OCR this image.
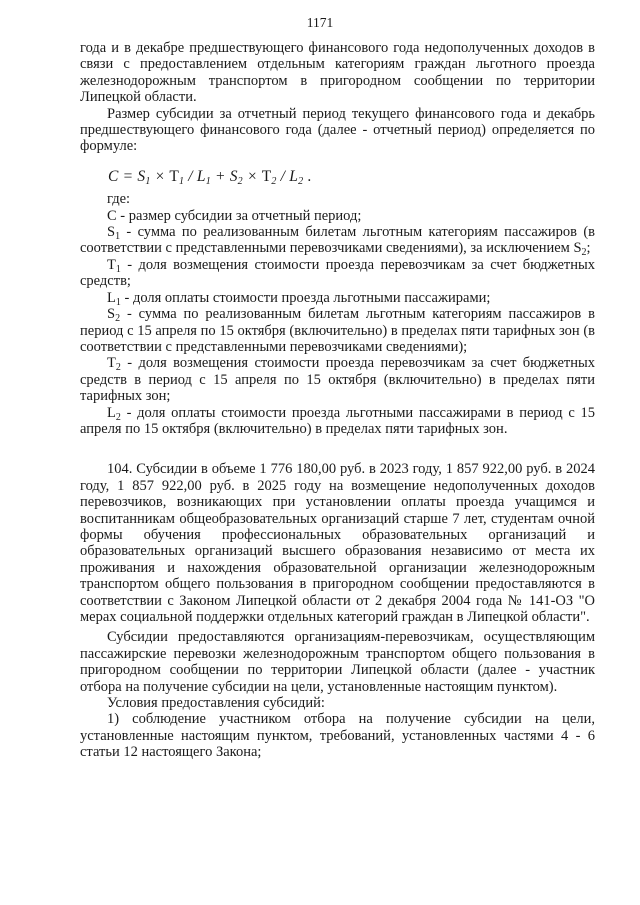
1171

года и в декабре предшествующего финансового года недополученных доходов в связи с предоставлением отдельным категориям граждан льготного проезда железнодорожным транспортом в пригородном сообщении по территории Липецкой области.

Размер субсидии за отчетный период текущего финансового года и декабрь предшествующего финансового года (далее - отчетный период) определяется по формуле:

$C = S_1 \times T_1 / L_1 + S_2 \times T_2 / L_2$ .

где:

С - размер субсидии за отчетный период;

$S_1$ - сумма по реализованным билетам льготным категориям пассажиров (в соответствии с представленными перевозчиками сведениями), за исключением $S_2$;

$Т_1$ - доля возмещения стоимости проезда перевозчикам за счет бюджетных средств;

$L_1$ - доля оплаты стоимости проезда льготными пассажирами;

$S_2$ - сумма по реализованным билетам льготным категориям пассажиров в период с 15 апреля по 15 октября (включительно) в пределах пяти тарифных зон (в соответствии с представленными перевозчиками сведениями);

$Т_2$ - доля возмещения стоимости проезда перевозчикам за счет бюджетных средств в период с 15 апреля по 15 октября (включительно) в пределах пяти тарифных зон;

$L_2$ - доля оплаты стоимости проезда льготными пассажирами в период с 15 апреля по 15 октября (включительно) в пределах пяти тарифных зон.

104. Субсидии в объеме 1 776 180,00 руб. в 2023 году, 1 857 922,00 руб. в 2024 году, 1 857 922,00 руб. в 2025 году на возмещение недополученных доходов перевозчиков, возникающих при установлении оплаты проезда учащимся и воспитанникам общеобразовательных организаций старше 7 лет, студентам очной формы обучения профессиональных образовательных организаций и образовательных организаций высшего образования независимо от места их проживания и нахождения образовательной организации железнодорожным транспортом общего пользования в пригородном сообщении предоставляются в соответствии с Законом Липецкой области от 2 декабря 2004 года № 141-ОЗ "О мерах социальной поддержки отдельных категорий граждан в Липецкой области".

Субсидии предоставляются организациям-перевозчикам, осуществляющим пассажирские перевозки железнодорожным транспортом общего пользования в пригородном сообщении по территории Липецкой области (далее - участник отбора на получение субсидии на цели, установленные настоящим пунктом).

Условия предоставления субсидий:

1) соблюдение участником отбора на получение субсидии на цели, установленные настоящим пунктом, требований, установленных частями 4 - 6 статьи 12 настоящего Закона;
